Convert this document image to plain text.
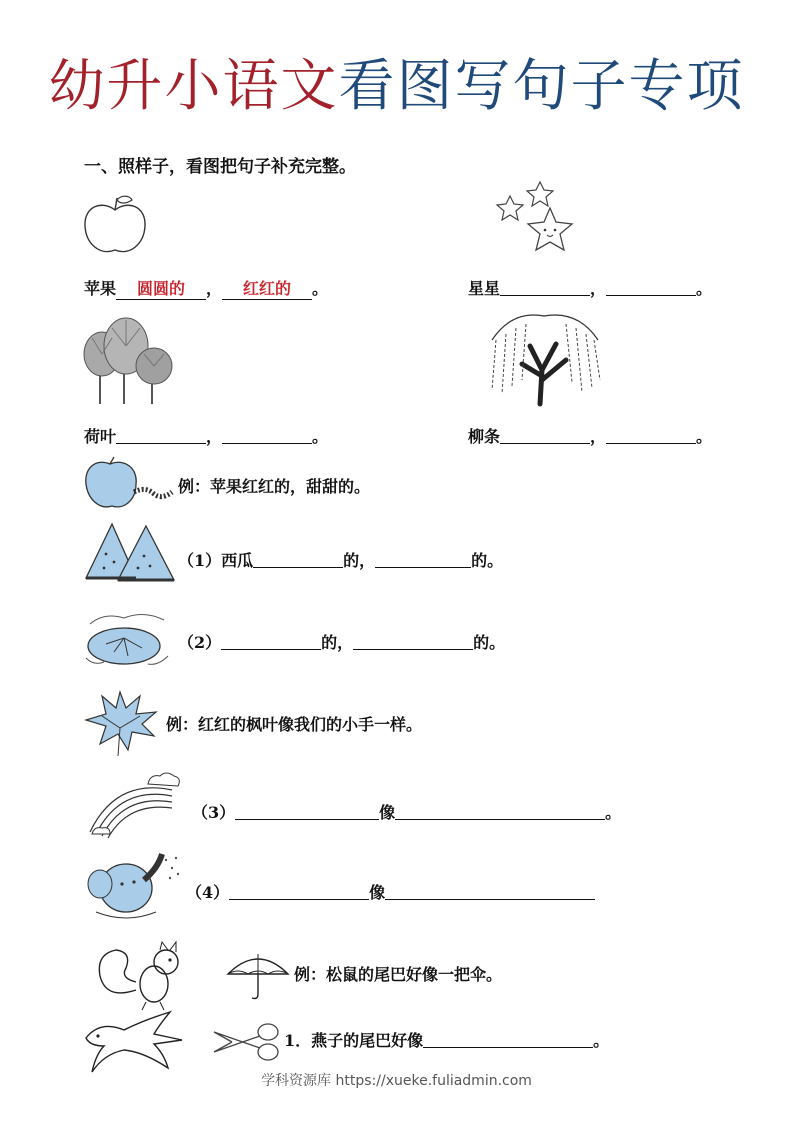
幼升小语文看图写句子专项
一、照样子，看图把句子补充完整。
苹果 圆圆的 ， 红红的 。	星星	，	。
荷叶	，	。	柳条	，	。
例：苹果红红的，甜甜的。
（1）西瓜	的，	的。
（2）	的，	的。
例：红红的枫叶像我们的小手一样。
（3）	像	。
（4）	像
例：松鼠的尾巴好像一把伞。
1．燕子的尾巴好像	。
学科资源库 https://xueke.fuliadmin.com
